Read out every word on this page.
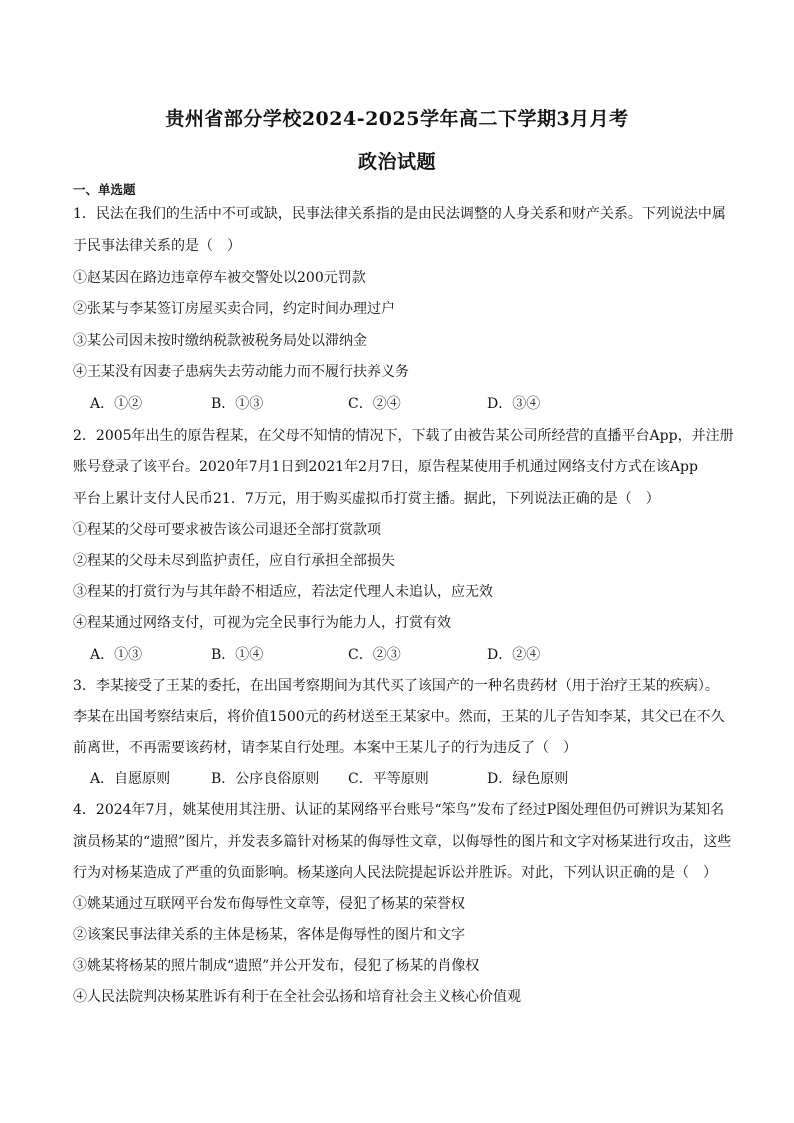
贵州省部分学校2024-2025学年高二下学期3月月考
政治试题
一、单选题
1．民法在我们的生活中不可或缺，民事法律关系指的是由民法调整的人身关系和财产关系。下列说法中属
于民事法律关系的是（　）
①赵某因在路边违章停车被交警处以200元罚款
②张某与李某签订房屋买卖合同，约定时间办理过户
③某公司因未按时缴纳税款被税务局处以滞纳金
④王某没有因妻子患病失去劳动能力而不履行扶养义务
A．①②	B．①③	C．②④	D．③④
2．2005年出生的原告程某，在父母不知情的情况下，下载了由被告某公司所经营的直播平台App，并注册
账号登录了该平台。2020年7月1日到2021年2月7日，原告程某使用手机通过网络支付方式在该App
平台上累计支付人民币21．7万元，用于购买虚拟币打赏主播。据此，下列说法正确的是（　）
①程某的父母可要求被告该公司退还全部打赏款项
②程某的父母未尽到监护责任，应自行承担全部损失
③程某的打赏行为与其年龄不相适应，若法定代理人未追认，应无效
④程某通过网络支付，可视为完全民事行为能力人，打赏有效
A．①③	B．①④	C．②③	D．②④
3．李某接受了王某的委托，在出国考察期间为其代买了该国产的一种名贵药材（用于治疗王某的疾病）。
李某在出国考察结束后，将价值1500元的药材送至王某家中。然而，王某的儿子告知李某，其父已在不久
前离世，不再需要该药材，请李某自行处理。本案中王某儿子的行为违反了（　）
A．自愿原则	B．公序良俗原则 C．平等原则	D．绿色原则
4．2024年7月，姚某使用其注册、认证的某网络平台账号“笨鸟”发布了经过P图处理但仍可辨识为某知名
演员杨某的“遗照”图片，并发表多篇针对杨某的侮辱性文章，以侮辱性的图片和文字对杨某进行攻击，这些
行为对杨某造成了严重的负面影响。杨某遂向人民法院提起诉讼并胜诉。对此，下列认识正确的是（　）
①姚某通过互联网平台发布侮辱性文章等，侵犯了杨某的荣誉权
②该案民事法律关系的主体是杨某，客体是侮辱性的图片和文字
③姚某将杨某的照片制成“遗照”并公开发布，侵犯了杨某的肖像权
④人民法院判决杨某胜诉有利于在全社会弘扬和培育社会主义核心价值观
